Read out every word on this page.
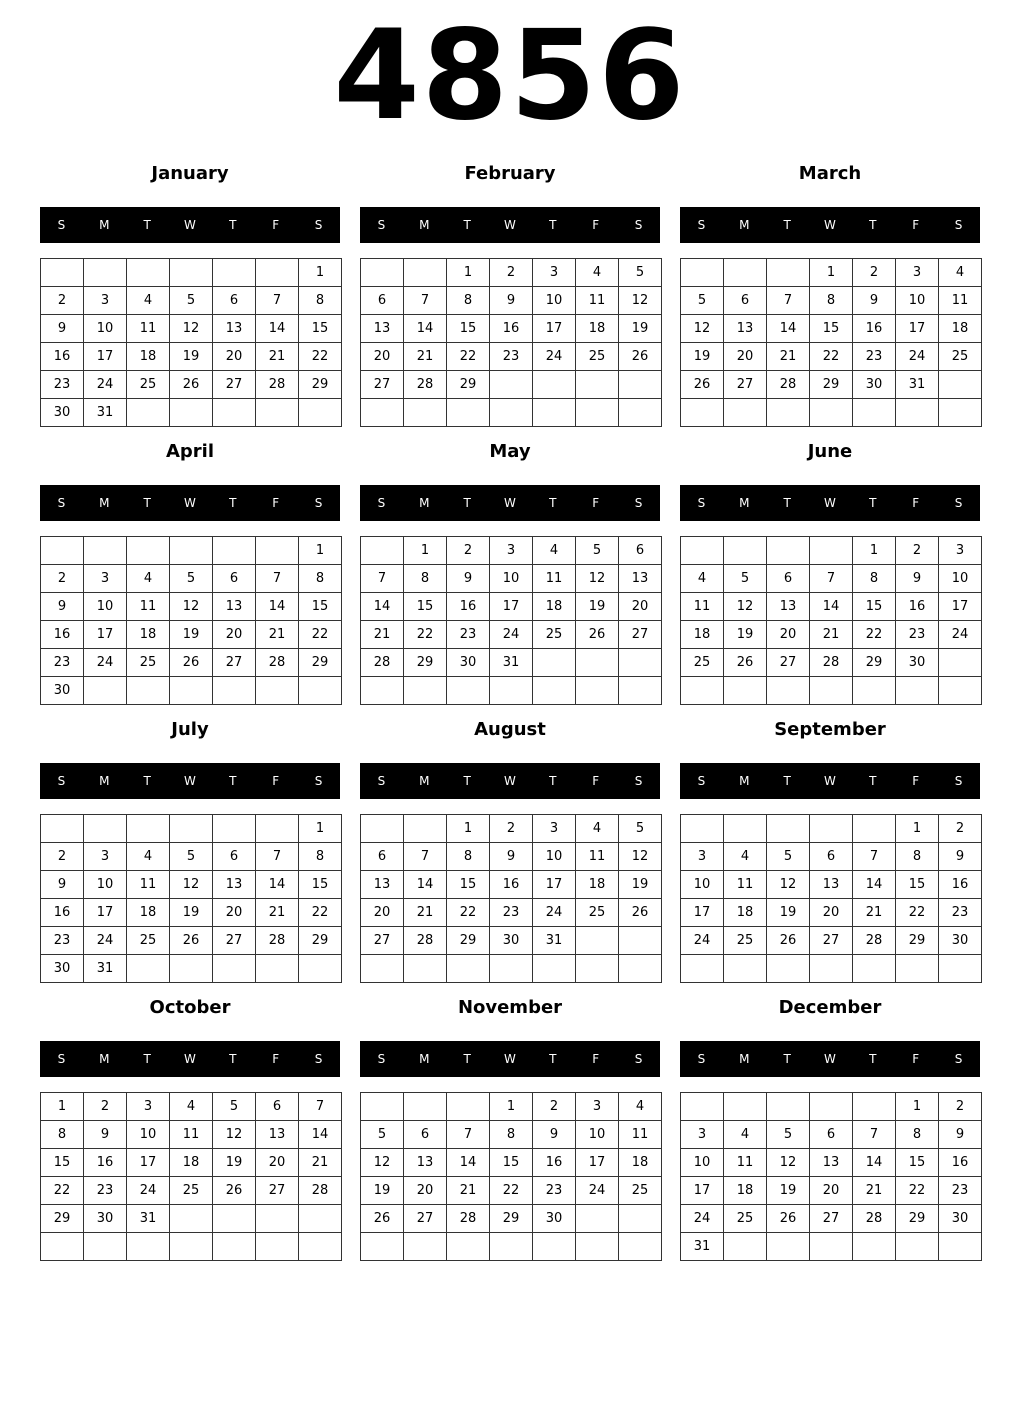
4856
January
S	M	T	W	T	F	S
						1
2	3	4	5	6	7	8
9	10	11	12	13	14	15
16	17	18	19	20	21	22
23	24	25	26	27	28	29
30	31					
February
S	M	T	W	T	F	S
		1	2	3	4	5
6	7	8	9	10	11	12
13	14	15	16	17	18	19
20	21	22	23	24	25	26
27	28	29				

March
S	M	T	W	T	F	S
			1	2	3	4
5	6	7	8	9	10	11
12	13	14	15	16	17	18
19	20	21	22	23	24	25
26	27	28	29	30	31	

April
S	M	T	W	T	F	S
						1
2	3	4	5	6	7	8
9	10	11	12	13	14	15
16	17	18	19	20	21	22
23	24	25	26	27	28	29
30						
May
S	M	T	W	T	F	S
	1	2	3	4	5	6
7	8	9	10	11	12	13
14	15	16	17	18	19	20
21	22	23	24	25	26	27
28	29	30	31			

June
S	M	T	W	T	F	S
				1	2	3
4	5	6	7	8	9	10
11	12	13	14	15	16	17
18	19	20	21	22	23	24
25	26	27	28	29	30	

July
S	M	T	W	T	F	S
						1
2	3	4	5	6	7	8
9	10	11	12	13	14	15
16	17	18	19	20	21	22
23	24	25	26	27	28	29
30	31					
August
S	M	T	W	T	F	S
		1	2	3	4	5
6	7	8	9	10	11	12
13	14	15	16	17	18	19
20	21	22	23	24	25	26
27	28	29	30	31		

September
S	M	T	W	T	F	S
					1	2
3	4	5	6	7	8	9
10	11	12	13	14	15	16
17	18	19	20	21	22	23
24	25	26	27	28	29	30

October
S	M	T	W	T	F	S
1	2	3	4	5	6	7
8	9	10	11	12	13	14
15	16	17	18	19	20	21
22	23	24	25	26	27	28
29	30	31				

November
S	M	T	W	T	F	S
			1	2	3	4
5	6	7	8	9	10	11
12	13	14	15	16	17	18
19	20	21	22	23	24	25
26	27	28	29	30		

December
S	M	T	W	T	F	S
					1	2
3	4	5	6	7	8	9
10	11	12	13	14	15	16
17	18	19	20	21	22	23
24	25	26	27	28	29	30
31						
